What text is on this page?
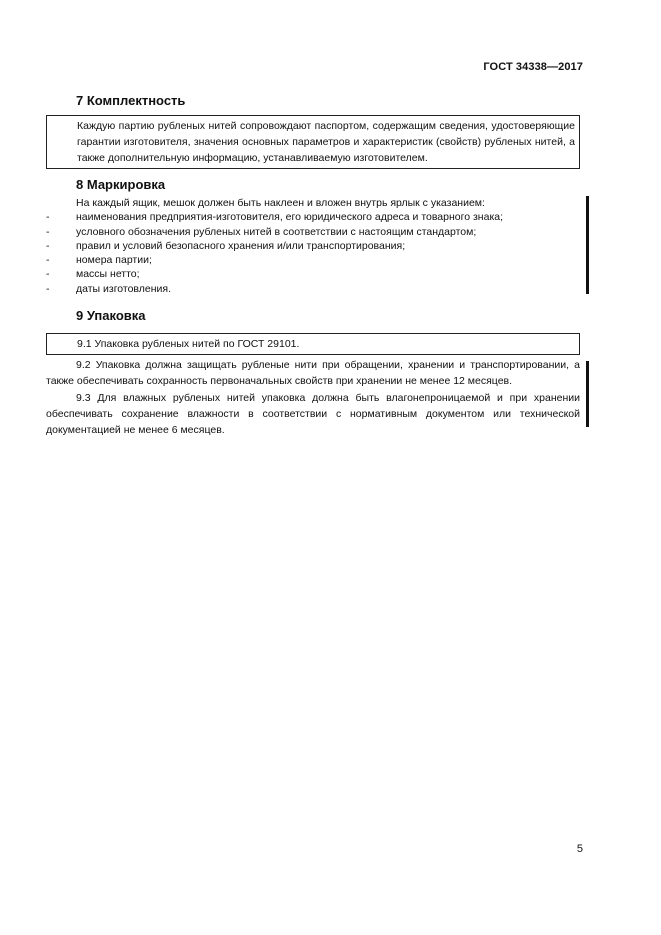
ГОСТ 34338—2017
7 Комплектность
Каждую партию рубленых нитей сопровождают паспортом, содержащим сведения, удостоверяющие гарантии изготовителя, значения основных параметров и характеристик (свойств) рубленых нитей, а также дополнительную информацию, устанавливаемую изготовителем.
8 Маркировка
На каждый ящик, мешок должен быть наклеен и вложен внутрь ярлык с указанием:
- наименования предприятия-изготовителя, его юридического адреса и товарного знака;
- условного обозначения рубленых нитей в соответствии с настоящим стандартом;
- правил и условий безопасного хранения и/или транспортирования;
- номера партии;
- массы нетто;
- даты изготовления.
9 Упаковка
9.1 Упаковка рубленых нитей по ГОСТ 29101.
9.2 Упаковка должна защищать рубленые нити при обращении, хранении и транспортировании, а также обеспечивать сохранность первоначальных свойств при хранении не менее 12 месяцев.
9.3 Для влажных рубленых нитей упаковка должна быть влагонепроницаемой и при хранении обеспечивать сохранение влажности в соответствии с нормативным документом или технической документацией не менее 6 месяцев.
5
